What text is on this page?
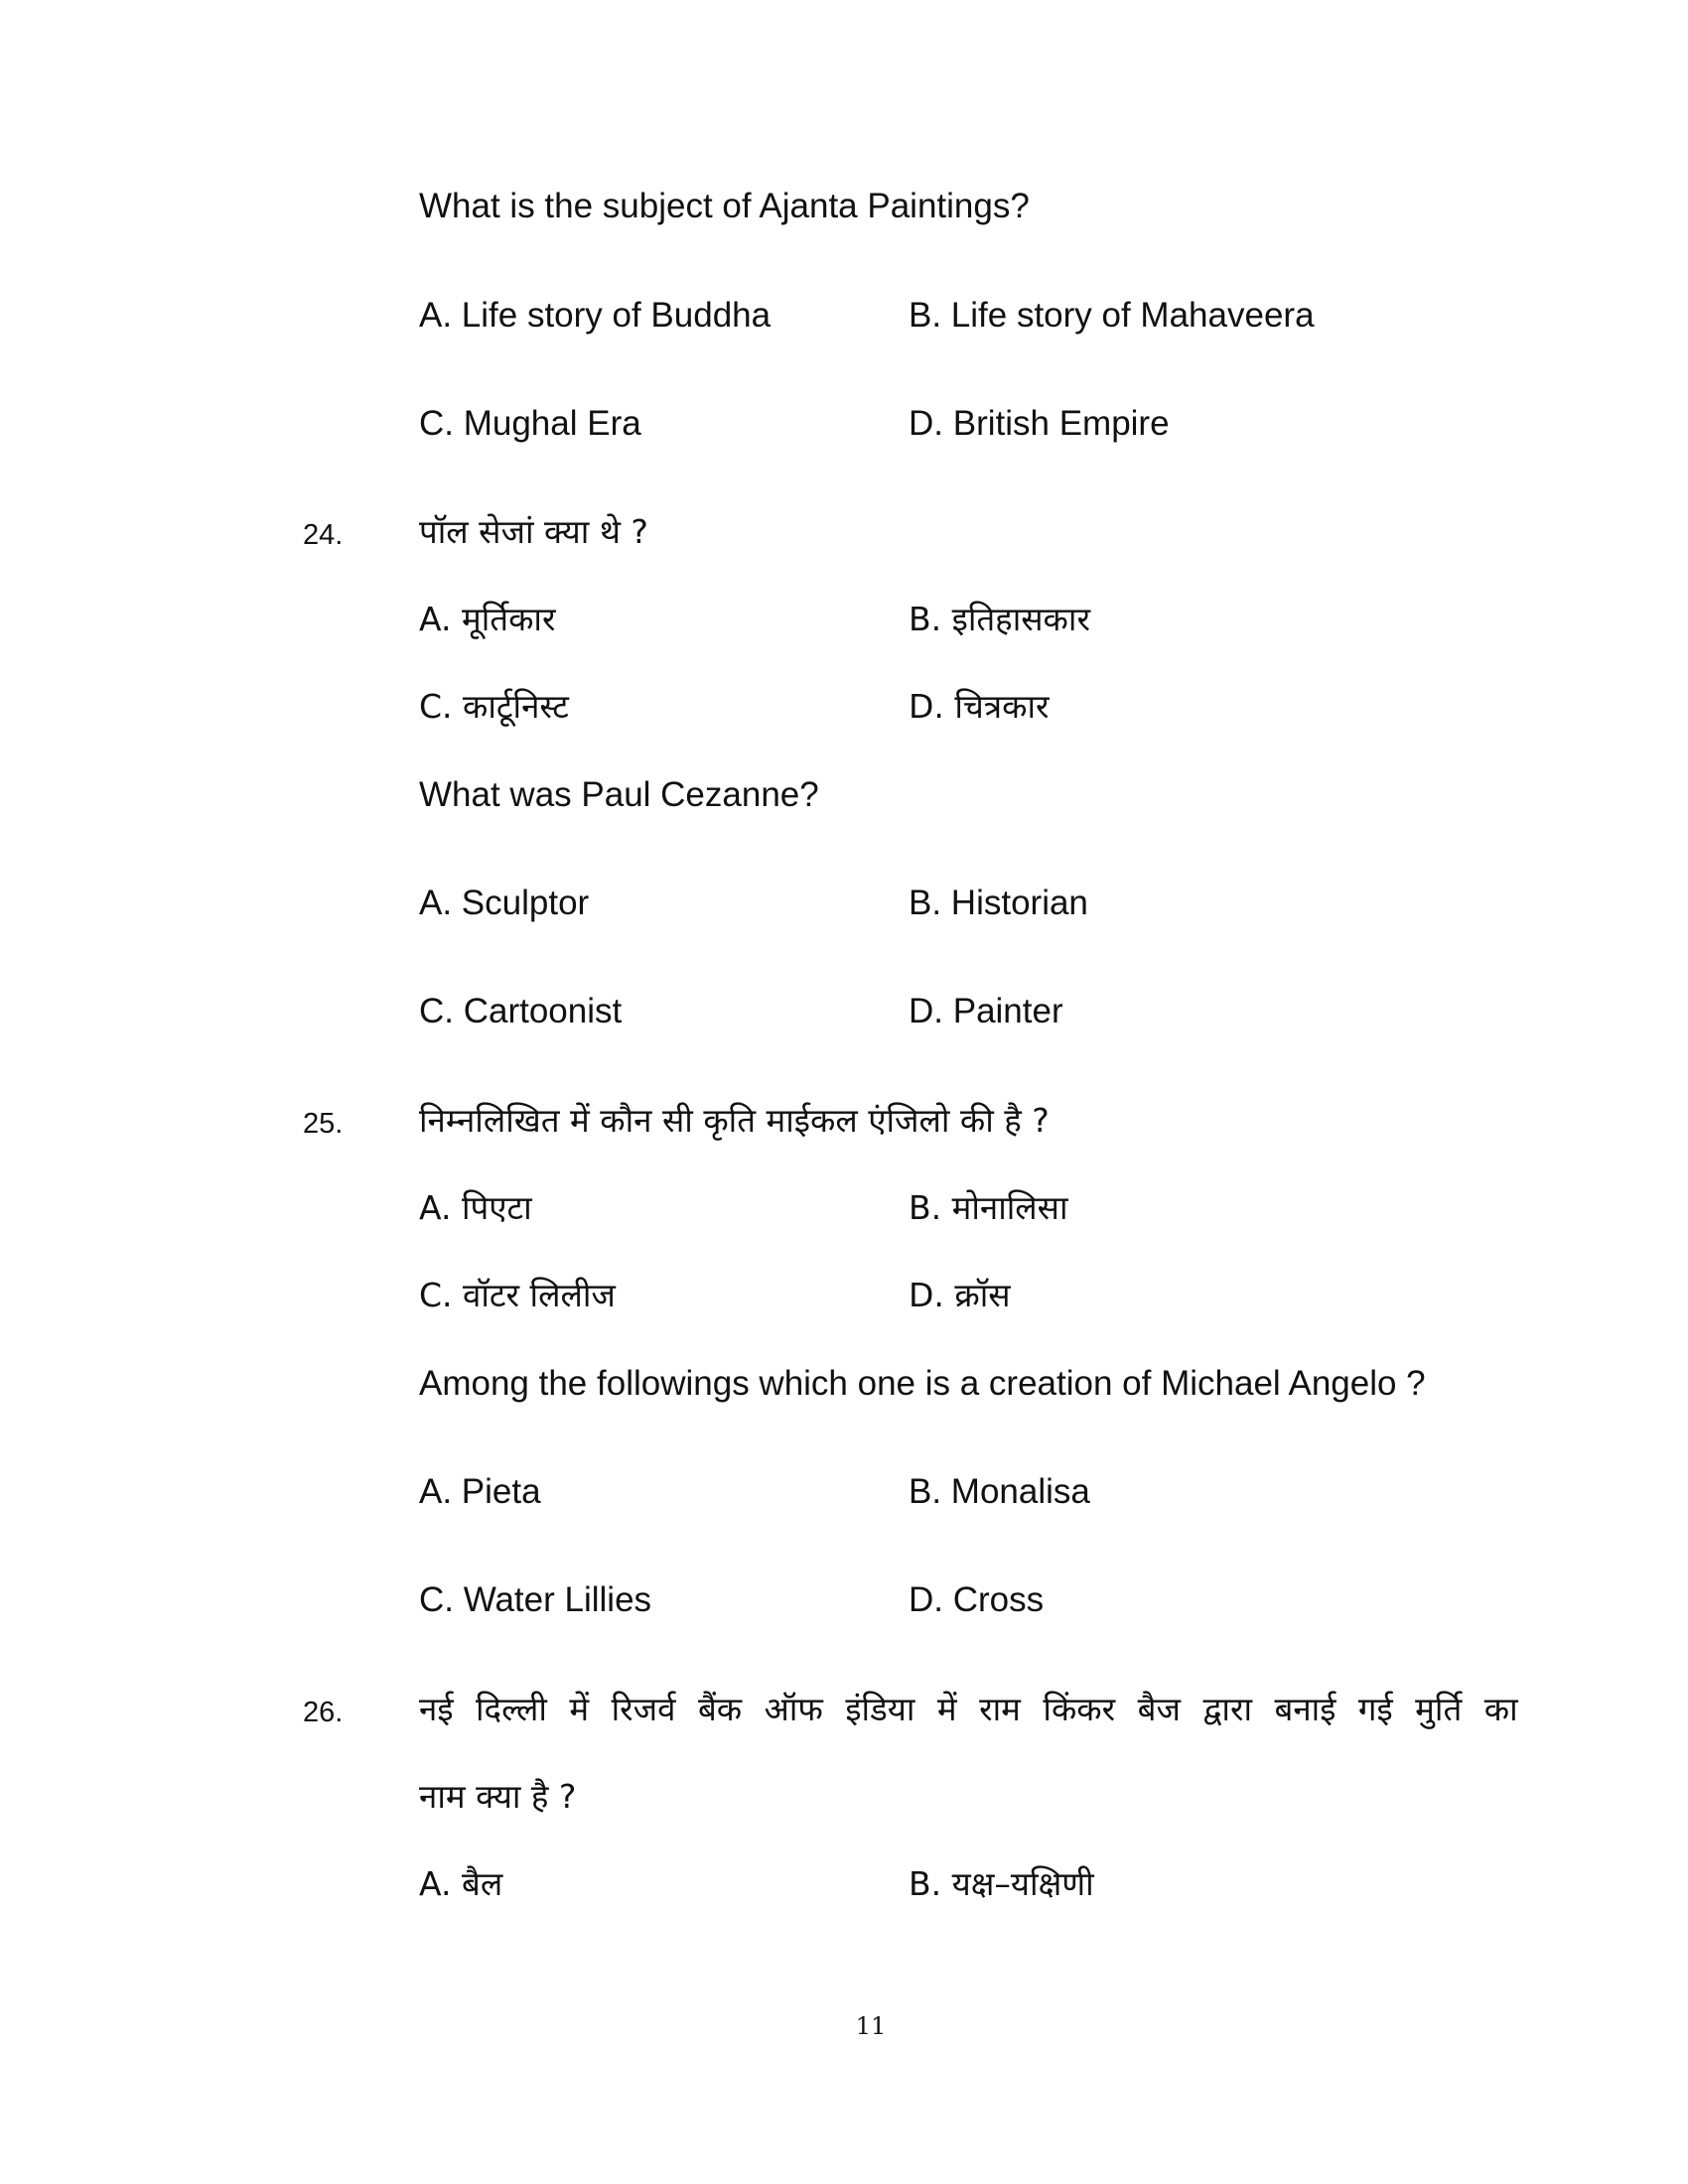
What is the subject of Ajanta Paintings?
A. Life story of Buddha	B. Life story of Mahaveera
C. Mughal Era	D. British Empire
24. पॉल सेजां क्या थे ?
A. मूर्तिकार	B. इतिहासकार
C. कार्टूनिस्ट	D. चित्रकार
What was Paul Cezanne?
A. Sculptor	B. Historian
C. Cartoonist	D. Painter
25. निम्नलिखित में कौन सी कृति माईकल एंजिलो की है ?
A. पिएटा	B. मोनालिसा
C. वॉटर लिलीज	D. क्रॉस
Among the followings which one is a creation of Michael Angelo ?
A. Pieta	B. Monalisa
C. Water Lillies	D. Cross
26. नई दिल्ली में रिजर्व बैंक ऑफ इंडिया में राम किंकर बैज द्वारा बनाई गई मुर्ति का
नाम क्या है ?
A. बैल	B. यक्ष–यक्षिणी
11
